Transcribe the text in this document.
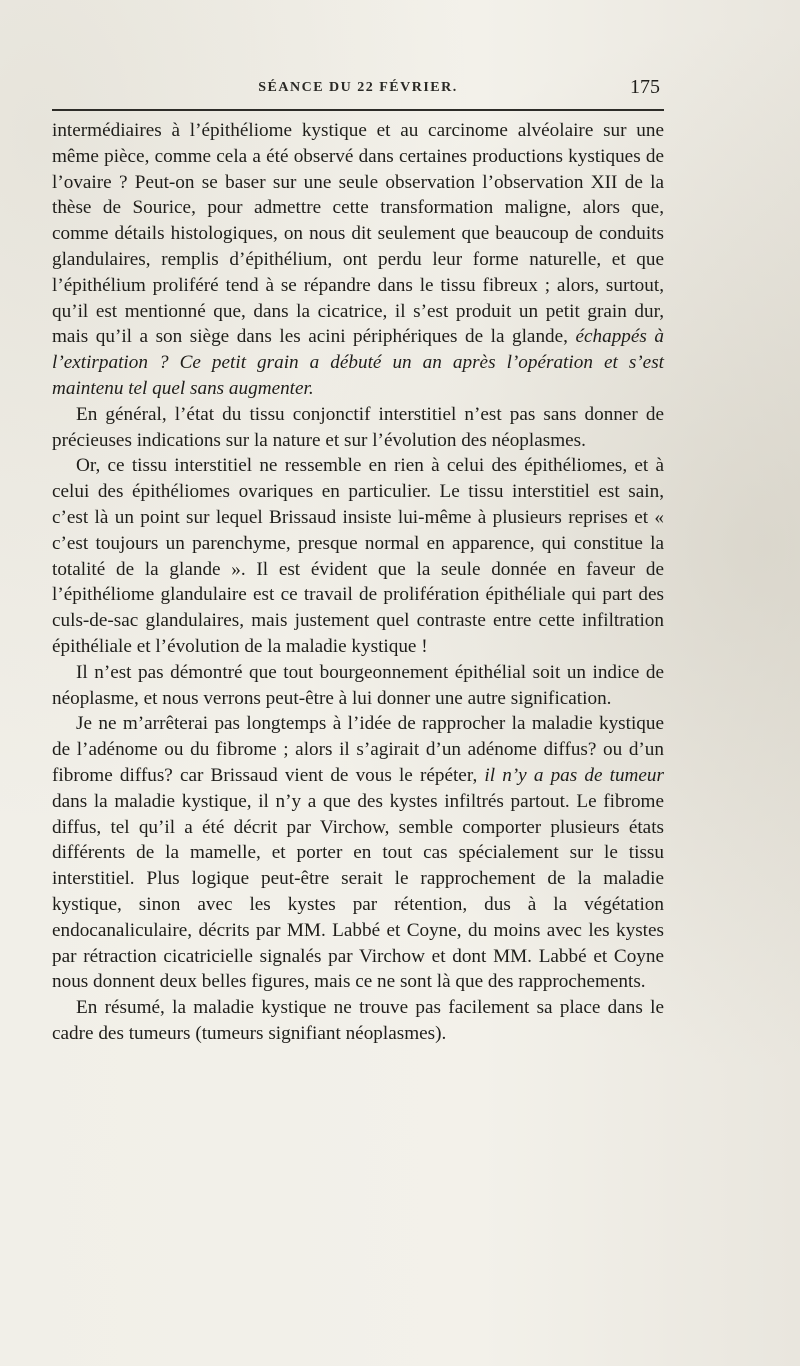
SÉANCE DU 22 FÉVRIER.	175

intermédiaires à l’épithéliome kystique et au carcinome alvéolaire sur une même pièce, comme cela a été observé dans certaines productions kystiques de l’ovaire ? Peut-on se baser sur une seule observation l’observation XII de la thèse de Sourice, pour admettre cette transformation maligne, alors que, comme détails histologiques, on nous dit seulement que beaucoup de conduits glandulaires, remplis d’épithélium, ont perdu leur forme naturelle, et que l’épithélium proliféré tend à se répandre dans le tissu fibreux ; alors, surtout, qu’il est mentionné que, dans la cicatrice, il s’est produit un petit grain dur, mais qu’il a son siège dans les acini périphériques de la glande, échappés à l’extirpation ? Ce petit grain a débuté un an après l’opération et s’est maintenu tel quel sans augmenter.

En général, l’état du tissu conjonctif interstitiel n’est pas sans donner de précieuses indications sur la nature et sur l’évolution des néoplasmes.

Or, ce tissu interstitiel ne ressemble en rien à celui des épithéliomes, et à celui des épithéliomes ovariques en particulier. Le tissu interstitiel est sain, c’est là un point sur lequel Brissaud insiste lui-même à plusieurs reprises et « c’est toujours un parenchyme, presque normal en apparence, qui constitue la totalité de la glande ». Il est évident que la seule donnée en faveur de l’épithéliome glandulaire est ce travail de prolifération épithéliale qui part des culs-de-sac glandulaires, mais justement quel contraste entre cette infiltration épithéliale et l’évolution de la maladie kystique !

Il n’est pas démontré que tout bourgeonnement épithélial soit un indice de néoplasme, et nous verrons peut-être à lui donner une autre signification.

Je ne m’arrêterai pas longtemps à l’idée de rapprocher la maladie kystique de l’adénome ou du fibrome ; alors il s’agirait d’un adénome diffus? ou d’un fibrome diffus? car Brissaud vient de vous le répéter, il n’y a pas de tumeur dans la maladie kystique, il n’y a que des kystes infiltrés partout. Le fibrome diffus, tel qu’il a été décrit par Virchow, semble comporter plusieurs états différents de la mamelle, et porter en tout cas spécialement sur le tissu interstitiel. Plus logique peut-être serait le rapprochement de la maladie kystique, sinon avec les kystes par rétention, dus à la végétation endocanaliculaire, décrits par MM. Labbé et Coyne, du moins avec les kystes par rétraction cicatricielle signalés par Virchow et dont MM. Labbé et Coyne nous donnent deux belles figures, mais ce ne sont là que des rapprochements.

En résumé, la maladie kystique ne trouve pas facilement sa place dans le cadre des tumeurs (tumeurs signifiant néoplasmes).
